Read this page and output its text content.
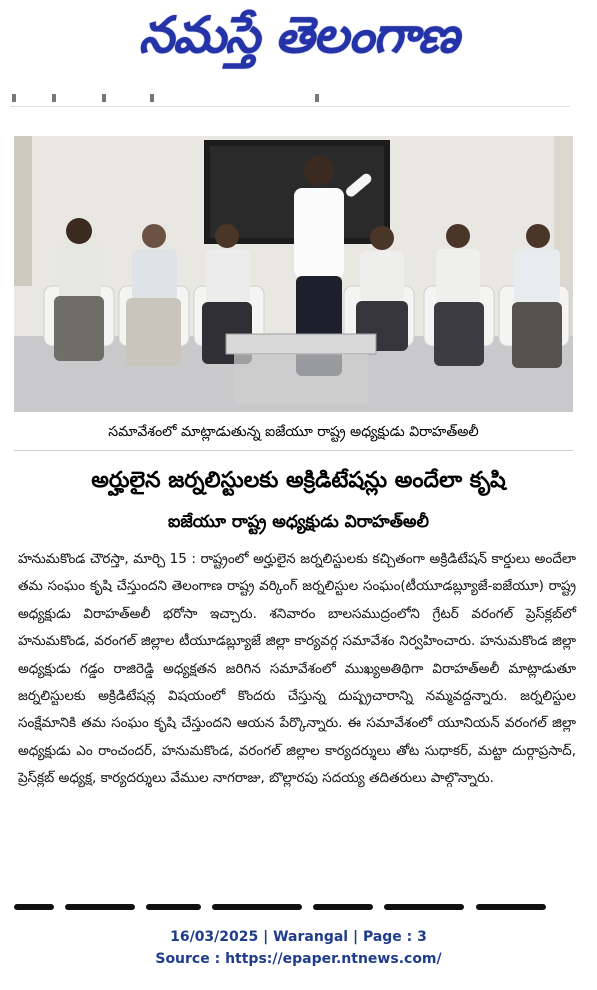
నమస్తే తెలంగాణ
సమావేశంలో మాట్లాడుతున్న ఐజేయూ రాష్ట్ర అధ్యక్షుడు విరాహత్‌అలీ
అర్హులైన జర్నలిస్టులకు అక్రిడిటేషన్లు అందేలా కృషి
ఐజేయూ రాష్ట్ర అధ్యక్షుడు విరాహత్‌అలీ
హనుమకొండ చౌరస్తా, మార్చి 15 : రాష్ట్రంలో అర్హులైన జర్నలిస్టులకు కచ్చితంగా అక్రిడిటేషన్ కార్డులు అందేలా తమ సంఘం కృషి చేస్తుందని తెలంగాణ రాష్ట్ర వర్కింగ్ జర్నలిస్టుల సంఘం(టీయూడబ్ల్యూజే-ఐజేయూ) రాష్ట్ర అధ్యక్షుడు విరాహత్‌అలీ భరోసా ఇచ్చారు. శనివారం బాలసముద్రంలోని గ్రేటర్ వరంగల్ ప్రెస్‌క్లబ్‌లో హనుమకొండ, వరంగల్ జిల్లాల టీయూడబ్ల్యూజే జిల్లా కార్యవర్గ సమావేశం నిర్వహించారు. హనుమకొండ జిల్లా అధ్యక్షుడు గడ్డం రాజిరెడ్డి అధ్యక్షతన జరిగిన సమావేశంలో ముఖ్యఅతిథిగా విరాహత్‌అలీ మాట్లాడుతూ జర్నలిస్టులకు అక్రిడిటేషన్ల విషయంలో కొందరు చేస్తున్న దుష్ప్రచారాన్ని నమ్మవద్దన్నారు. జర్నలిస్టుల సంక్షేమానికి తమ సంఘం కృషి చేస్తుందని ఆయన పేర్కొన్నారు. ఈ సమావేశంలో యూనియన్ వరంగల్ జిల్లా అధ్యక్షుడు ఎం రాంచందర్, హనుమకొండ, వరంగల్ జిల్లాల కార్యదర్శులు తోట సుధాకర్, మట్టా దుర్గాప్రసాద్, ప్రెస్‌క్లబ్ అధ్యక్ష, కార్యదర్శులు వేముల నాగరాజు, బొల్లారపు సదయ్య తదితరులు పాల్గొన్నారు.

16/03/2025 | Warangal | Page : 3
Source : https://epaper.ntnews.com/
